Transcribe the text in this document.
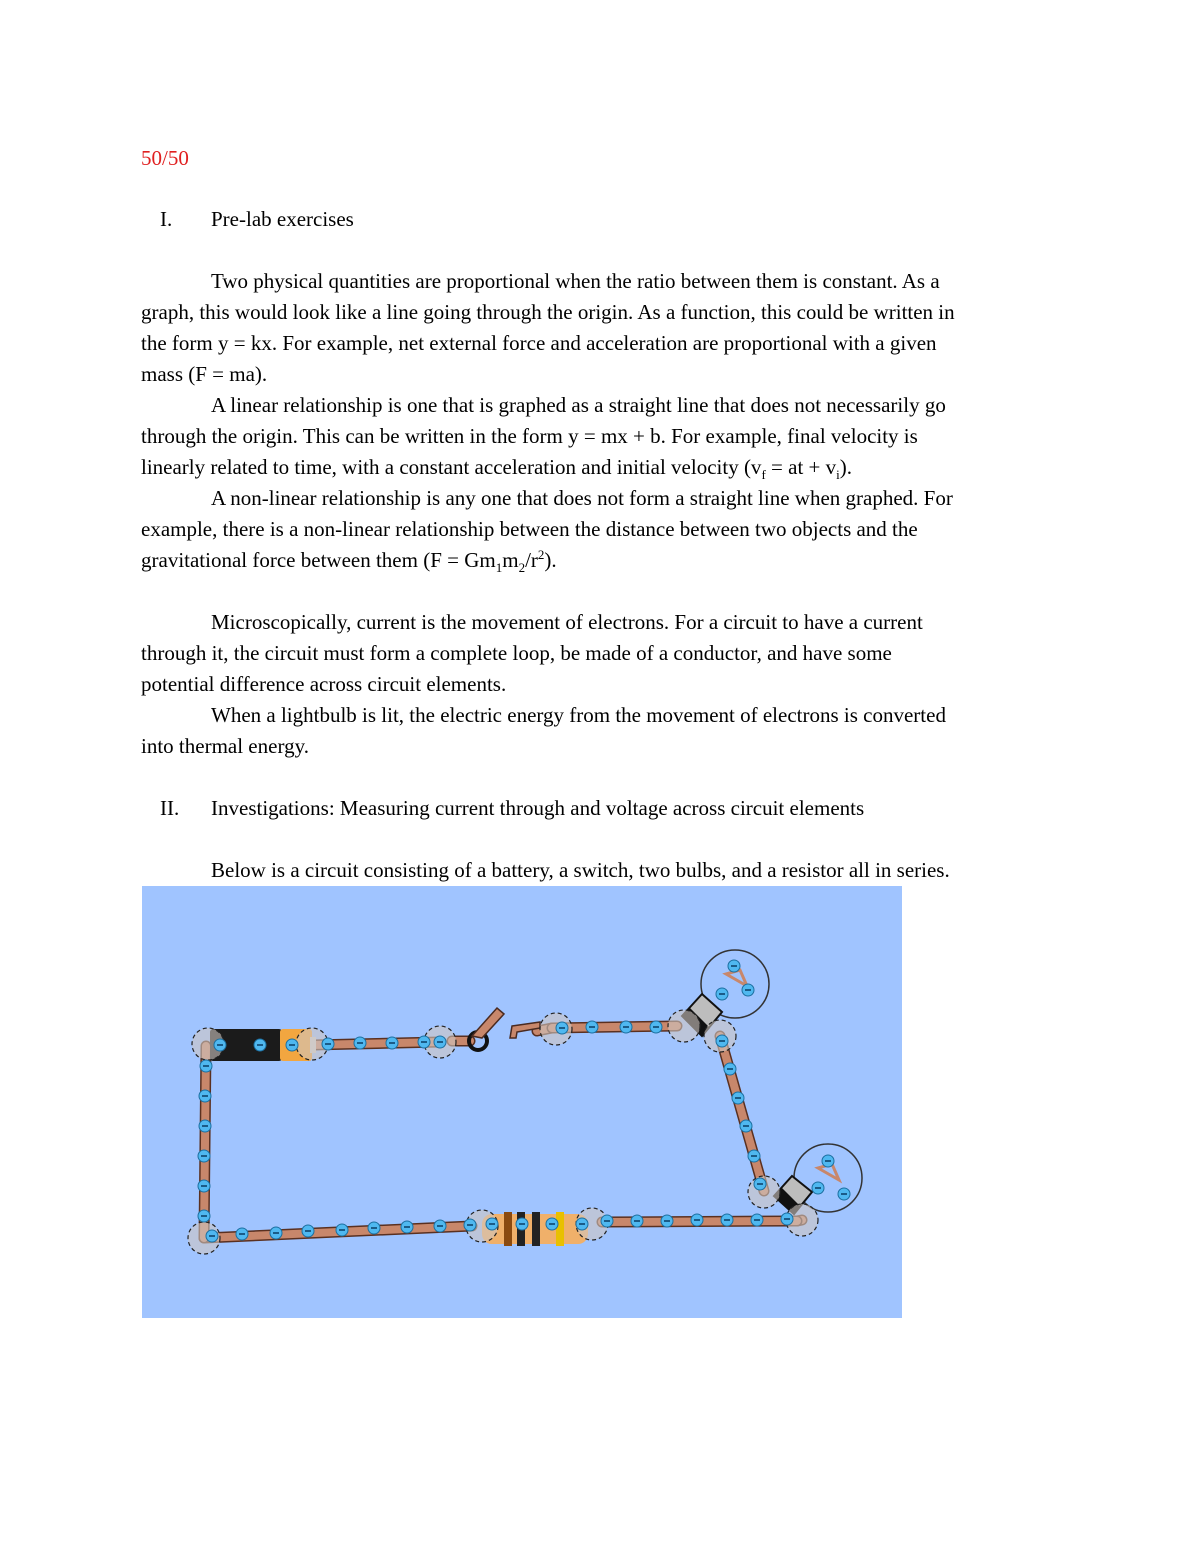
50/50
I. Pre-lab exercises
Two physical quantities are proportional when the ratio between them is constant. As a
graph, this would look like a line going through the origin. As a function, this could be written in
the form y = kx. For example, net external force and acceleration are proportional with a given
mass (F = ma).
A linear relationship is one that is graphed as a straight line that does not necessarily go
through the origin. This can be written in the form y = mx + b. For example, final velocity is
linearly related to time, with a constant acceleration and initial velocity ($v_f$ = at + $v_i$).
A non-linear relationship is any one that does not form a straight line when graphed. For
example, there is a non-linear relationship between the distance between two objects and the
gravitational force between them $(F = Gm_1m_2/r^2)$.
Microscopically, current is the movement of electrons. For a circuit to have a current
through it, the circuit must form a complete loop, be made of a conductor, and have some
potential difference across circuit elements.
When a lightbulb is lit, the electric energy from the movement of electrons is converted
into thermal energy.
II. Investigations: Measuring current through and voltage across circuit elements
Below is a circuit consisting of a battery, a switch, two bulbs, and a resistor all in series.
